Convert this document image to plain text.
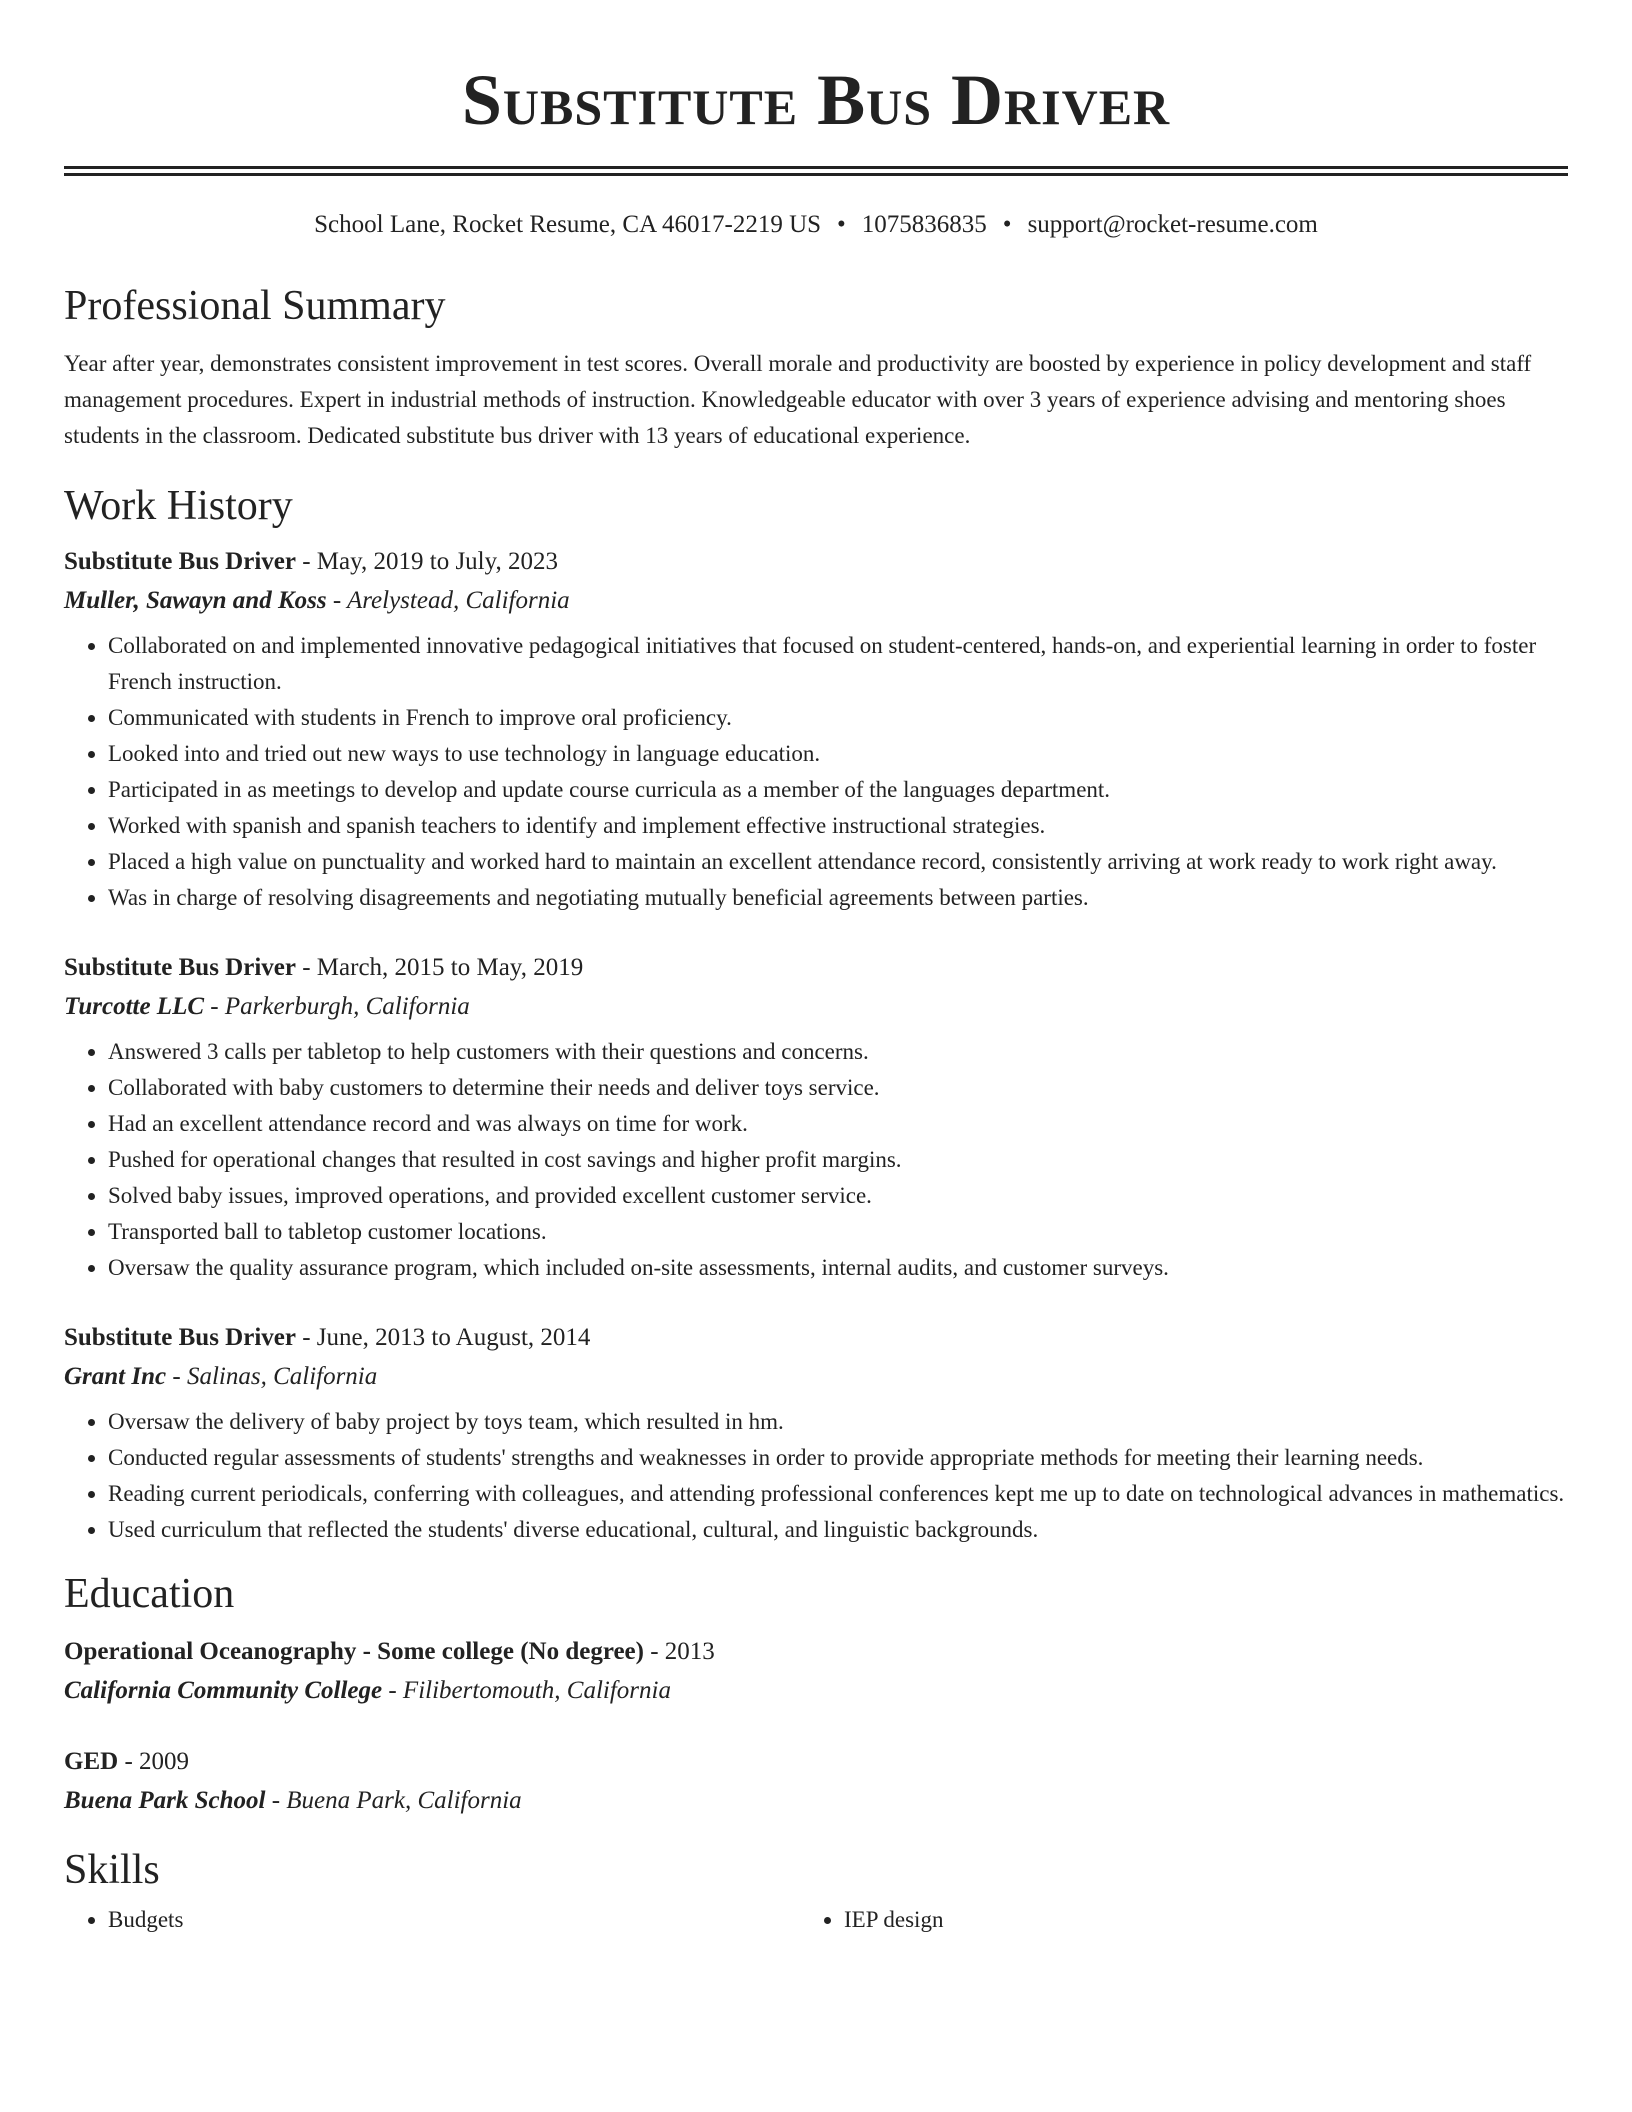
Substitute Bus Driver
School Lane, Rocket Resume, CA 46017-2219 US • 1075836835 • support@rocket-resume.com
Professional Summary
Year after year, demonstrates consistent improvement in test scores. Overall morale and productivity are boosted by experience in policy development and staff management procedures. Expert in industrial methods of instruction. Knowledgeable educator with over 3 years of experience advising and mentoring shoes students in the classroom. Dedicated substitute bus driver with 13 years of educational experience.
Work History
Substitute Bus Driver - May, 2019 to July, 2023
Muller, Sawayn and Koss - Arelystead, California
• Collaborated on and implemented innovative pedagogical initiatives that focused on student-centered, hands-on, and experiential learning in order to foster French instruction.
• Communicated with students in French to improve oral proficiency.
• Looked into and tried out new ways to use technology in language education.
• Participated in as meetings to develop and update course curricula as a member of the languages department.
• Worked with spanish and spanish teachers to identify and implement effective instructional strategies.
• Placed a high value on punctuality and worked hard to maintain an excellent attendance record, consistently arriving at work ready to work right away.
• Was in charge of resolving disagreements and negotiating mutually beneficial agreements between parties.
Substitute Bus Driver - March, 2015 to May, 2019
Turcotte LLC - Parkerburgh, California
• Answered 3 calls per tabletop to help customers with their questions and concerns.
• Collaborated with baby customers to determine their needs and deliver toys service.
• Had an excellent attendance record and was always on time for work.
• Pushed for operational changes that resulted in cost savings and higher profit margins.
• Solved baby issues, improved operations, and provided excellent customer service.
• Transported ball to tabletop customer locations.
• Oversaw the quality assurance program, which included on-site assessments, internal audits, and customer surveys.
Substitute Bus Driver - June, 2013 to August, 2014
Grant Inc - Salinas, California
• Oversaw the delivery of baby project by toys team, which resulted in hm.
• Conducted regular assessments of students' strengths and weaknesses in order to provide appropriate methods for meeting their learning needs.
• Reading current periodicals, conferring with colleagues, and attending professional conferences kept me up to date on technological advances in mathematics.
• Used curriculum that reflected the students' diverse educational, cultural, and linguistic backgrounds.
Education
Operational Oceanography - Some college (No degree) - 2013
California Community College - Filibertomouth, California
GED - 2009
Buena Park School - Buena Park, California
Skills
• Budgets
•	IEP design
